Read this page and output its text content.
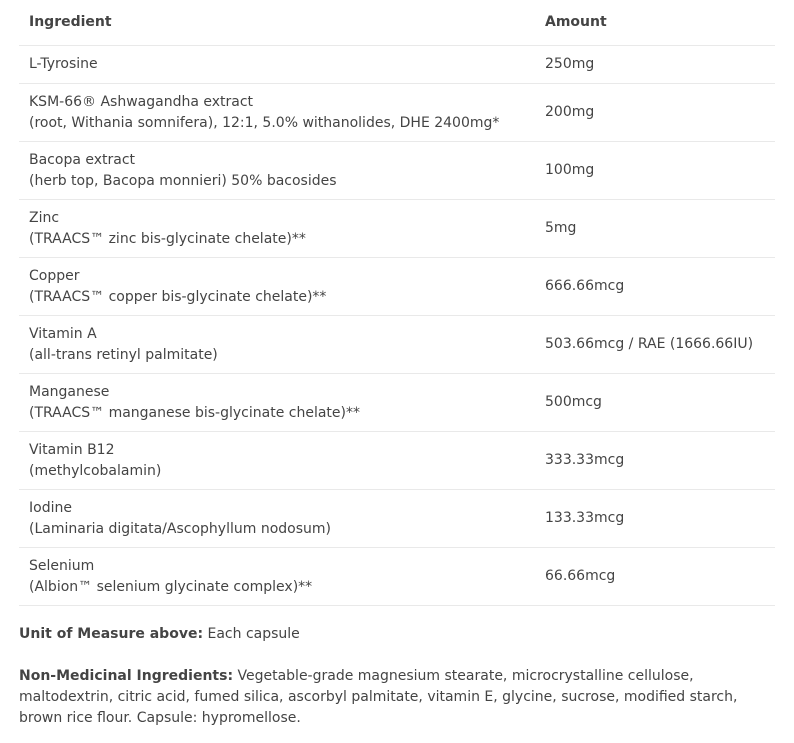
Ingredient	Amount

L-Tyrosine	250mg

KSM-66® Ashwagandha extract
(root, Withania somnifera), 12:1, 5.0% withanolides, DHE 2400mg*	200mg

Bacopa extract
(herb top, Bacopa monnieri) 50% bacosides	100mg

Zinc
(TRAACS™ zinc bis-glycinate chelate)**	5mg

Copper
(TRAACS™ copper bis-glycinate chelate)**	666.66mcg

Vitamin A
(all-trans retinyl palmitate)	503.66mcg / RAE (1666.66IU)

Manganese
(TRAACS™ manganese bis-glycinate chelate)**	500mcg

Vitamin B12
(methylcobalamin)	333.33mcg

Iodine
(Laminaria digitata/Ascophyllum nodosum)	133.33mcg

Selenium
(Albion™ selenium glycinate complex)**	66.66mcg

Unit of Measure above: Each capsule

Non-Medicinal Ingredients: Vegetable-grade magnesium stearate, microcrystalline cellulose, maltodextrin, citric acid, fumed silica, ascorbyl palmitate, vitamin E, glycine, sucrose, modified starch, brown rice flour. Capsule: hypromellose.
